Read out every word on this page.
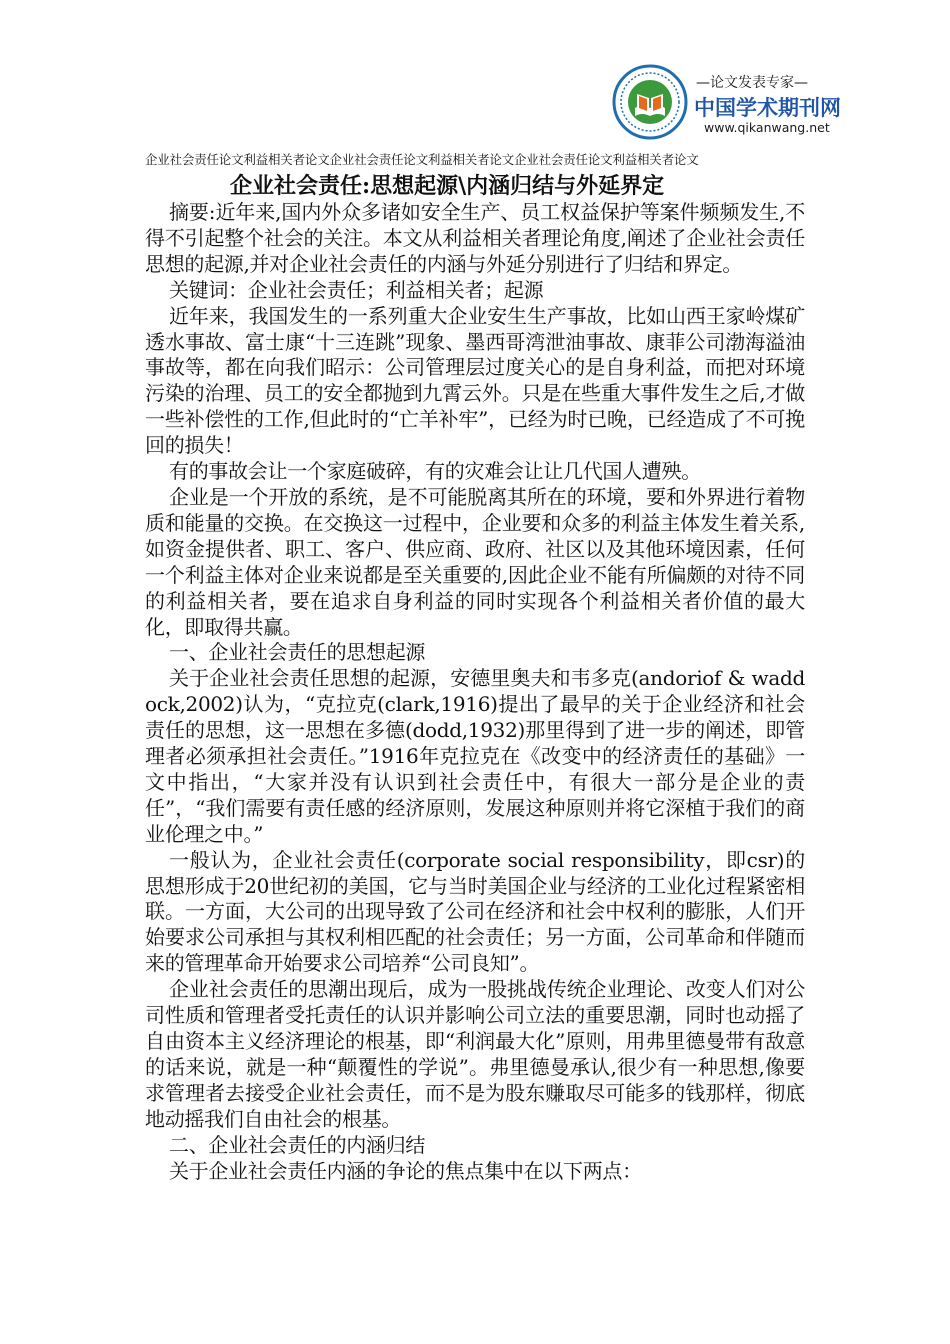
—论文发表专家—
中国学术期刊网
www.qikanwang.net
企业社会责任论文利益相关者论文企业社会责任论文利益相关者论文企业社会责任论文利益相关者论文
企业社会责任:思想起源\内涵归结与外延界定

摘要:近年来,国内外众多诸如安全生产、员工权益保护等案件频频发生,不得不引起整个社会的关注。本文从利益相关者理论角度,阐述了企业社会责任思想的起源,并对企业社会责任的内涵与外延分别进行了归结和界定。

关键词：企业社会责任；利益相关者；起源

近年来，我国发生的一系列重大企业安生生产事故，比如山西王家岭煤矿透水事故、富士康“十三连跳”现象、墨西哥湾泄油事故、康菲公司渤海溢油事故等，都在向我们昭示：公司管理层过度关心的是自身利益，而把对环境污染的治理、员工的安全都抛到九霄云外。只是在些重大事件发生之后,才做一些补偿性的工作,但此时的“亡羊补牢”，已经为时已晚，已经造成了不可挽回的损失！

有的事故会让一个家庭破碎，有的灾难会让让几代国人遭殃。

企业是一个开放的系统，是不可能脱离其所在的环境，要和外界进行着物质和能量的交换。在交换这一过程中，企业要和众多的利益主体发生着关系,如资金提供者、职工、客户、供应商、政府、社区以及其他环境因素，任何一个利益主体对企业来说都是至关重要的,因此企业不能有所偏颇的对待不同的利益相关者，要在追求自身利益的同时实现各个利益相关者价值的最大化，即取得共赢。

一、企业社会责任的思想起源

关于企业社会责任思想的起源，安德里奥夫和韦多克(andoriof & waddock,2002)认为，“克拉克(clark,1916)提出了最早的关于企业经济和社会责任的思想，这一思想在多德(dodd,1932)那里得到了进一步的阐述，即管理者必须承担社会责任。”1916年克拉克在《改变中的经济责任的基础》一文中指出，“大家并没有认识到社会责任中，有很大一部分是企业的责任”，“我们需要有责任感的经济原则，发展这种原则并将它深植于我们的商业伦理之中。”

一般认为，企业社会责任(corporate social responsibility，即csr)的思想形成于20世纪初的美国，它与当时美国企业与经济的工业化过程紧密相联。一方面，大公司的出现导致了公司在经济和社会中权利的膨胀，人们开始要求公司承担与其权利相匹配的社会责任；另一方面，公司革命和伴随而来的管理革命开始要求公司培养“公司良知”。

企业社会责任的思潮出现后，成为一股挑战传统企业理论、改变人们对公司性质和管理者受托责任的认识并影响公司立法的重要思潮，同时也动摇了自由资本主义经济理论的根基，即“利润最大化”原则，用弗里德曼带有敌意的话来说，就是一种“颠覆性的学说”。弗里德曼承认,很少有一种思想,像要求管理者去接受企业社会责任，而不是为股东赚取尽可能多的钱那样，彻底地动摇我们自由社会的根基。

二、企业社会责任的内涵归结

关于企业社会责任内涵的争论的焦点集中在以下两点：
